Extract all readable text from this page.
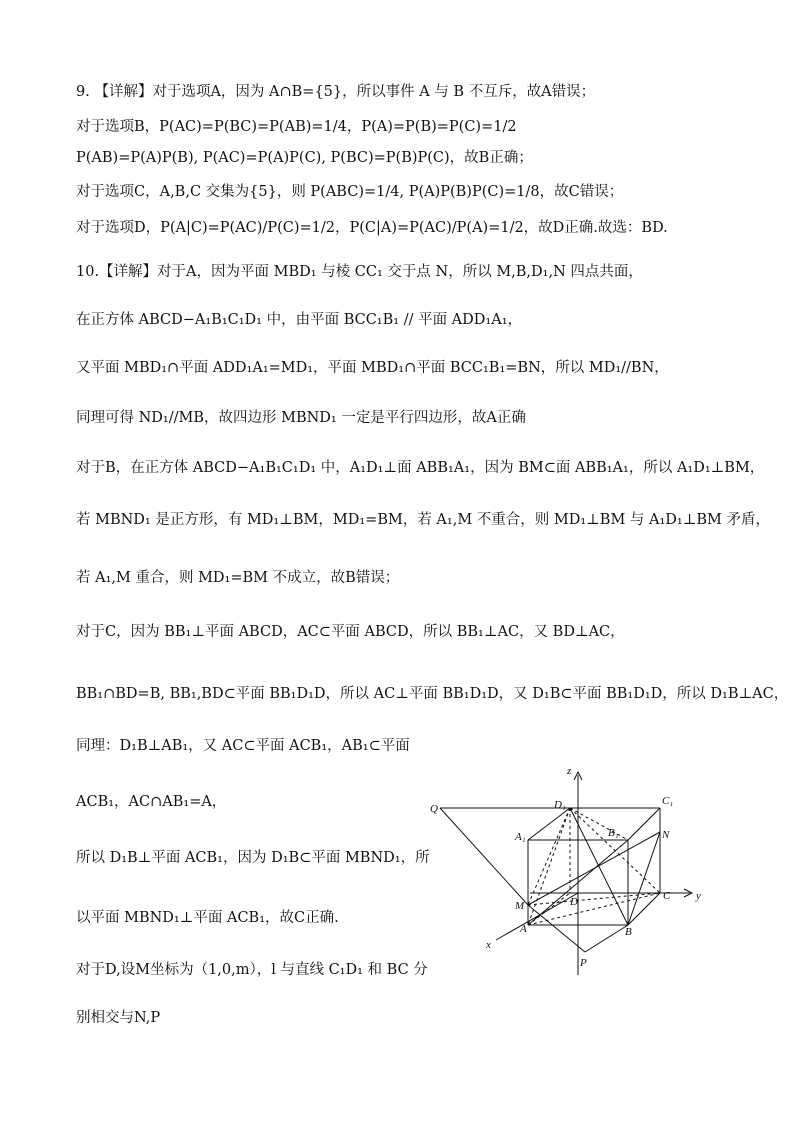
9. 【详解】对于选项A，因为 A∩B={5}，所以事件 A 与 B 不互斥，故A错误；
对于选项B，P(AC)=P(BC)=P(AB)=1/4，P(A)=P(B)=P(C)=1/2
P(AB)=P(A)P(B), P(AC)=P(A)P(C), P(BC)=P(B)P(C)，故B正确；
对于选项C，A,B,C 交集为{5}，则 P(ABC)=1/4, P(A)P(B)P(C)=1/8，故C错误；
对于选项D，P(A|C)=P(AC)/P(C)=1/2，P(C|A)=P(AC)/P(A)=1/2，故D正确.故选：BD.
10.【详解】对于A，因为平面 MBD₁ 与棱 CC₁ 交于点 N，所以 M,B,D₁,N 四点共面，
在正方体 ABCD−A₁B₁C₁D₁ 中，由平面 BCC₁B₁ // 平面 ADD₁A₁，
又平面 MBD₁∩平面 ADD₁A₁=MD₁，平面 MBD₁∩平面 BCC₁B₁=BN，所以 MD₁//BN，
同理可得 ND₁//MB，故四边形 MBND₁ 一定是平行四边形，故A正确
对于B，在正方体 ABCD−A₁B₁C₁D₁ 中，A₁D₁⊥面 ABB₁A₁，因为 BM⊂面 ABB₁A₁，所以 A₁D₁⊥BM，
若 MBND₁ 是正方形，有 MD₁⊥BM，MD₁=BM，若 A₁,M 不重合，则 MD₁⊥BM 与 A₁D₁⊥BM 矛盾，
若 A₁,M 重合，则 MD₁=BM 不成立，故B错误；
对于C，因为 BB₁⊥平面 ABCD，AC⊂平面 ABCD，所以 BB₁⊥AC，又 BD⊥AC，
BB₁∩BD=B, BB₁,BD⊂平面 BB₁D₁D，所以 AC⊥平面 BB₁D₁D，又 D₁B⊂平面 BB₁D₁D，所以 D₁B⊥AC，
同理：D₁B⊥AB₁，又 AC⊂平面 ACB₁，AB₁⊂平面
ACB₁，AC∩AB₁=A，
所以 D₁B⊥平面 ACB₁，因为 D₁B⊂平面 MBND₁，所
以平面 MBND₁⊥平面 ACB₁，故C正确.
对于D,设M坐标为（1,0,m），l 与直线 C₁D₁ 和 BC 分
别相交与N,P
z
Q	D₁	C₁
A₁	B₁	N
M	D	C y
A	B
x
P
